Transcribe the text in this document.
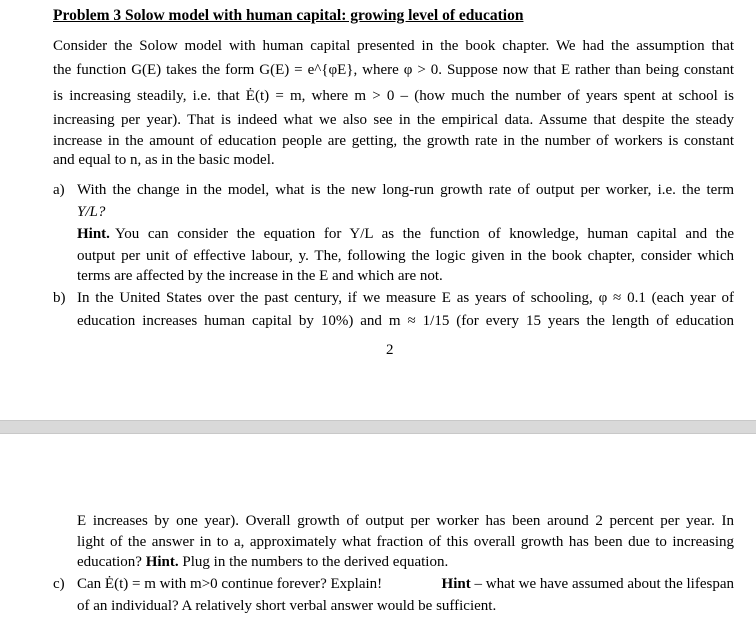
Problem 3 Solow model with human capital: growing level of education
Consider the Solow model with human capital presented in the book chapter. We had the assumption that
the function G(E) takes the form G(E) = e^{φE}, where φ > 0. Suppose now that E rather than being constant
is increasing steadily, i.e. that Ė(t) = m, where m > 0 – (how much the number of years spent at school is
increasing per year). That is indeed what we also see in the empirical data. Assume that despite the steady
increase in the amount of education people are getting, the growth rate in the number of workers is constant
and equal to n, as in the basic model.
a) With the change in the model, what is the new long-run growth rate of output per worker, i.e. the term
Y/L?
Hint. You can consider the equation for Y/L as the function of knowledge, human capital and the
output per unit of effective labour, y. The, following the logic given in the book chapter, consider which
terms are affected by the increase in the E and which are not.
b) In the United States over the past century, if we measure E as years of schooling, φ ≈ 0.1 (each year of
education increases human capital by 10%) and m ≈ 1/15 (for every 15 years the length of education
2
E increases by one year). Overall growth of output per worker has been around 2 percent per year. In
light of the answer in to a, approximately what fraction of this overall growth has been due to increasing
education? Hint. Plug in the numbers to the derived equation.
c) Can Ė(t) = m with m>0 continue forever? Explain!	Hint – what we have assumed about the lifespan
of an individual? A relatively short verbal answer would be sufficient.
